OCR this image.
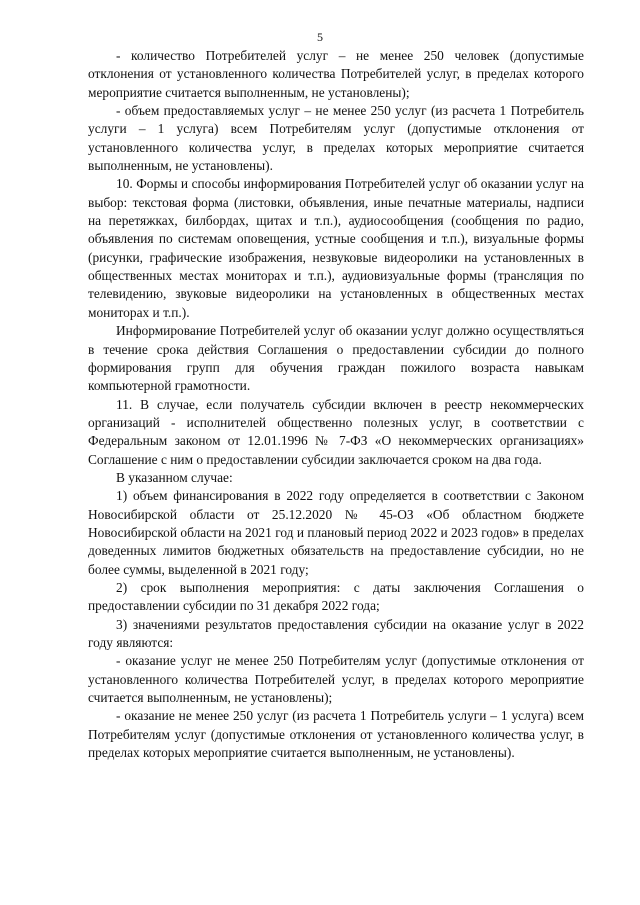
5

- количество Потребителей услуг – не менее 250 человек (допустимые отклонения от установленного количества Потребителей услуг, в пределах которого мероприятие считается выполненным, не установлены);

- объем предоставляемых услуг – не менее 250 услуг (из расчета 1 Потребитель услуги – 1 услуга) всем Потребителям услуг (допустимые отклонения от установленного количества услуг, в пределах которых мероприятие считается выполненным, не установлены).

10. Формы и способы информирования Потребителей услуг об оказании услуг на выбор: текстовая форма (листовки, объявления, иные печатные материалы, надписи на перетяжках, билбордах, щитах и т.п.), аудиосообщения (сообщения по радио, объявления по системам оповещения, устные сообщения и т.п.), визуальные формы (рисунки, графические изображения, незвуковые видеоролики на установленных в общественных местах мониторах и т.п.), аудиовизуальные формы (трансляция по телевидению, звуковые видеоролики на установленных в общественных местах мониторах и т.п.).

Информирование Потребителей услуг об оказании услуг должно осуществляться в течение срока действия Соглашения о предоставлении субсидии до полного формирования групп для обучения граждан пожилого возраста навыкам компьютерной грамотности.

11. В случае, если получатель субсидии включен в реестр некоммерческих организаций - исполнителей общественно полезных услуг, в соответствии с Федеральным законом от 12.01.1996 № 7-ФЗ «О некоммерческих организациях» Соглашение с ним о предоставлении субсидии заключается сроком на два года.

В указанном случае:

1) объем финансирования в 2022 году определяется в соответствии с Законом Новосибирской области от 25.12.2020 № 45-ОЗ «Об областном бюджете Новосибирской области на 2021 год и плановый период 2022 и 2023 годов» в пределах доведенных лимитов бюджетных обязательств на предоставление субсидии, но не более суммы, выделенной в 2021 году;

2) срок выполнения мероприятия: с даты заключения Соглашения о предоставлении субсидии по 31 декабря 2022 года;

3) значениями результатов предоставления субсидии на оказание услуг в 2022 году являются:

- оказание услуг не менее 250 Потребителям услуг (допустимые отклонения от установленного количества Потребителей услуг, в пределах которого мероприятие считается выполненным, не установлены);

- оказание не менее 250 услуг (из расчета 1 Потребитель услуги – 1 услуга) всем Потребителям услуг (допустимые отклонения от установленного количества услуг, в пределах которых мероприятие считается выполненным, не установлены).
